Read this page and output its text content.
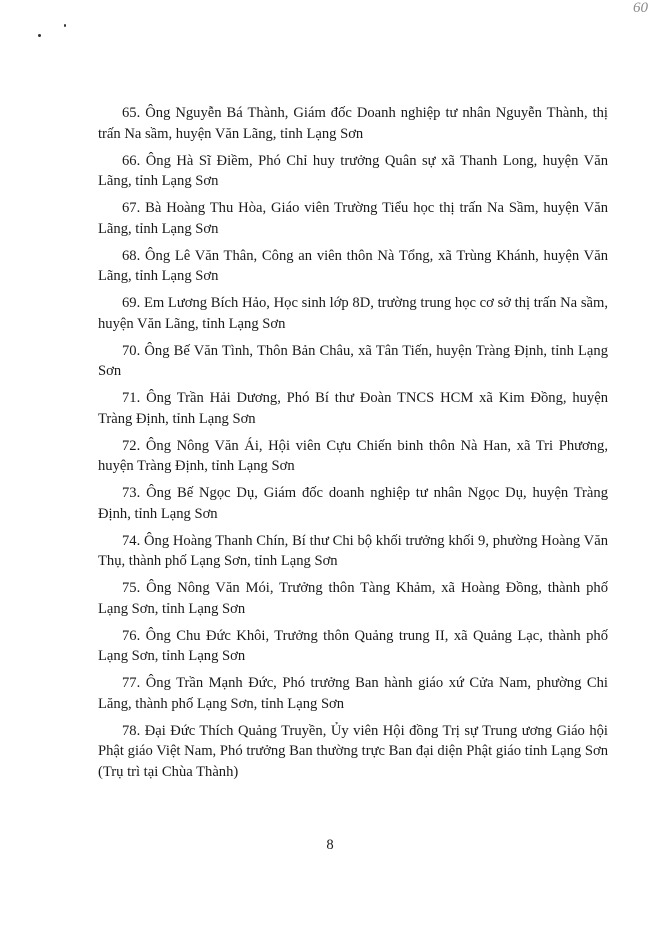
60

65. Ông Nguyễn Bá Thành, Giám đốc Doanh nghiệp tư nhân Nguyễn Thành, thị trấn Na sầm, huyện Văn Lãng, tỉnh Lạng Sơn

66. Ông Hà Sĩ Điềm, Phó Chỉ huy trưởng Quân sự xã Thanh Long, huyện Văn Lãng, tỉnh Lạng Sơn

67. Bà Hoàng Thu Hòa, Giáo viên Trường Tiểu học thị trấn Na Sầm, huyện Văn Lãng, tỉnh Lạng Sơn

68. Ông Lê Văn Thân, Công an viên thôn Nà Tổng, xã Trùng Khánh, huyện Văn Lãng, tỉnh Lạng Sơn

69. Em Lương Bích Hảo, Học sinh lớp 8D, trường trung học cơ sở thị trấn Na sầm, huyện Văn Lãng, tỉnh Lạng Sơn

70. Ông Bế Văn Tình, Thôn Bản Châu, xã Tân Tiến, huyện Tràng Định, tỉnh Lạng Sơn

71. Ông Trần Hải Dương, Phó Bí thư Đoàn TNCS HCM xã Kim Đồng, huyện Tràng Định, tỉnh Lạng Sơn

72. Ông Nông Văn Ái, Hội viên Cựu Chiến binh thôn Nà Han, xã Tri Phương, huyện Tràng Định, tỉnh Lạng Sơn

73. Ông Bế Ngọc Dụ, Giám đốc doanh nghiệp tư nhân Ngọc Dụ, huyện Tràng Định, tỉnh Lạng Sơn

74. Ông Hoàng Thanh Chín, Bí thư Chi bộ khối trưởng khối 9, phường Hoàng Văn Thụ, thành phố Lạng Sơn, tỉnh Lạng Sơn

75. Ông Nông Văn Mói, Trưởng thôn Tàng Khảm, xã Hoàng Đồng, thành phố Lạng Sơn, tỉnh Lạng Sơn

76. Ông Chu Đức Khôi, Trưởng thôn Quảng trung II, xã Quảng Lạc, thành phố Lạng Sơn, tỉnh Lạng Sơn

77. Ông Trần Mạnh Đức, Phó trưởng Ban hành giáo xứ Cửa Nam, phường Chi Lăng, thành phố Lạng Sơn, tỉnh Lạng Sơn

78. Đại Đức Thích Quảng Truyền, Ủy viên Hội đồng Trị sự Trung ương Giáo hội Phật giáo Việt Nam, Phó trưởng Ban thường trực Ban đại diện Phật giáo tỉnh Lạng Sơn (Trụ trì tại Chùa Thành)

8
